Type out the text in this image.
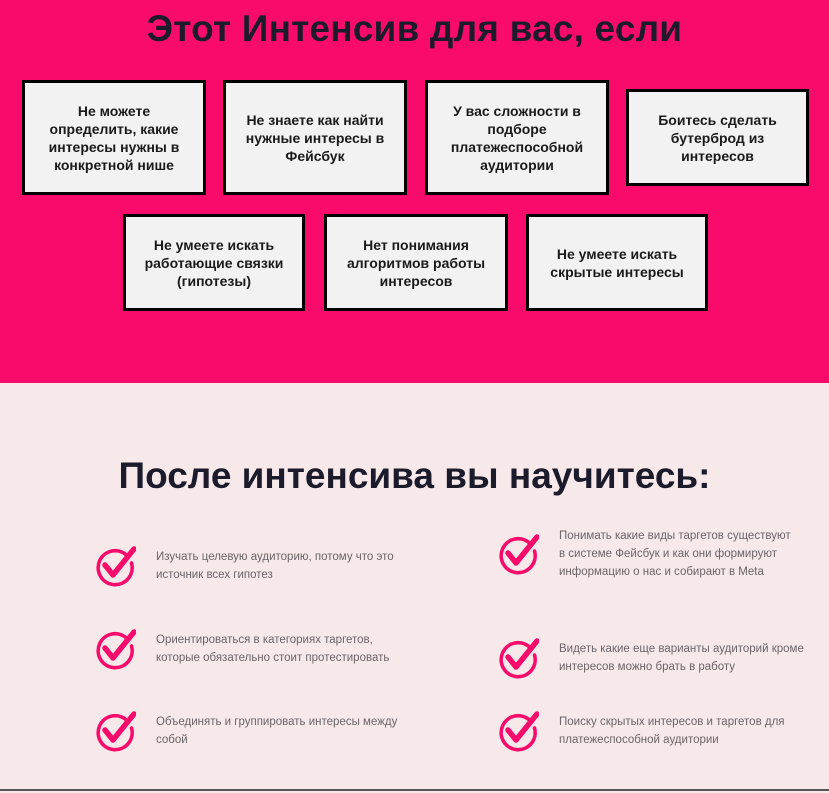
Этот Интенсив для вас, если
Не можете определить, какие интересы нужны в конкретной нише
Не знаете как найти нужные интересы в Фейсбук
У вас сложности в подборе платежеспособной аудитории
Боитесь сделать бутерброд из интересов
Не умеете искать работающие связки (гипотезы)
Нет понимания алгоритмов работы интересов
Не умеете искать скрытые интересы
После интенсива вы научитесь:
Изучать целевую аудиторию, потому что это источник всех гипотез
Понимать какие виды таргетов существуют в системе Фейсбук и как они формируют информацию о нас и собирают в Meta
Ориентироваться в категориях таргетов, которые обязательно стоит протестировать
Видеть какие еще варианты аудиторий кроме интересов можно брать в работу
Объединять и группировать интересы между собой
Поиску скрытых интересов и таргетов для платежеспособной аудитории
